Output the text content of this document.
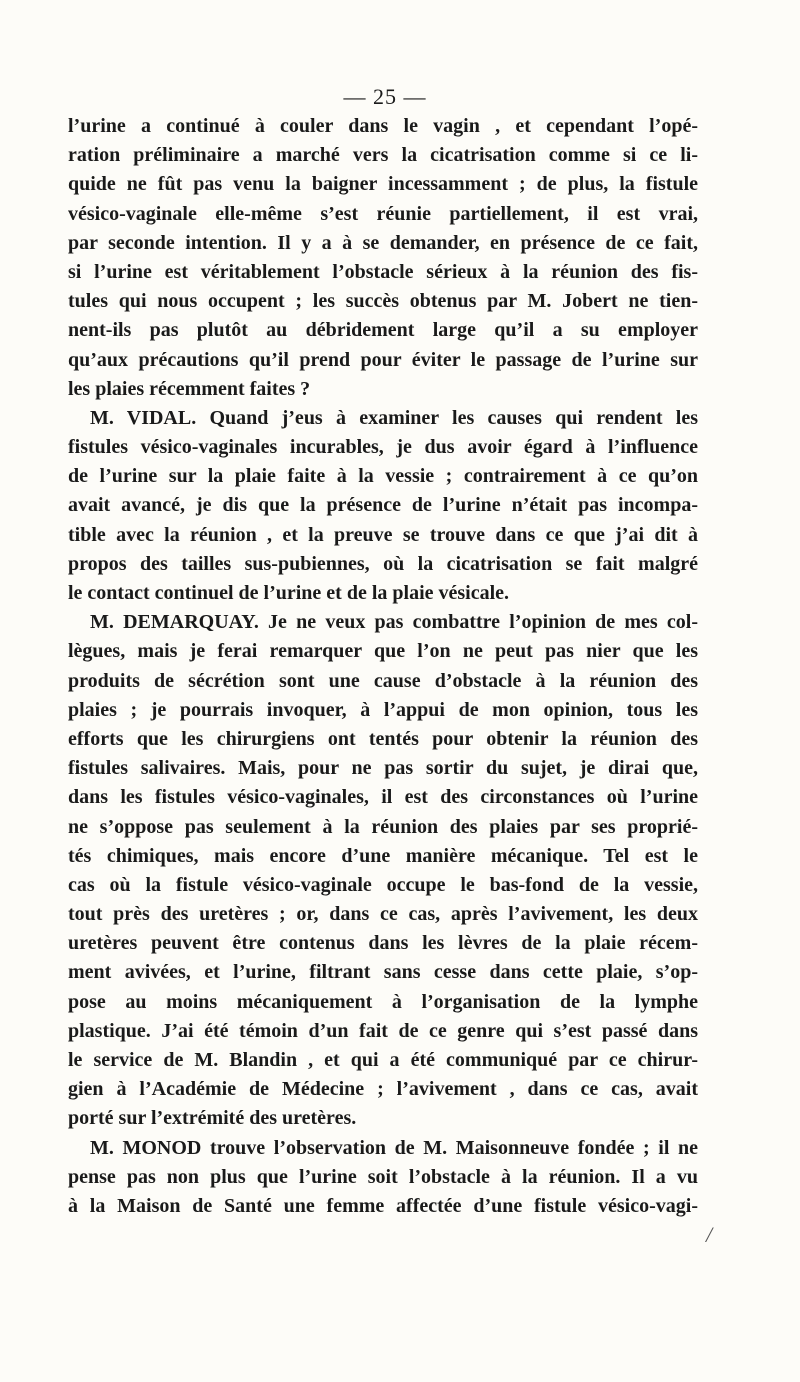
— 25 —
l’urine a continué à couler dans le vagin , et cependant l’opé-
ration préliminaire a marché vers la cicatrisation comme si ce li-
quide ne fût pas venu la baigner incessamment ; de plus, la fistule
vésico-vaginale elle-même s’est réunie partiellement, il est vrai,
par seconde intention. Il y a à se demander, en présence de ce fait,
si l’urine est véritablement l’obstacle sérieux à la réunion des fis-
tules qui nous occupent ; les succès obtenus par M. Jobert ne tien-
nent-ils pas plutôt au débridement large qu’il a su employer
qu’aux précautions qu’il prend pour éviter le passage de l’urine sur
les plaies récemment faites ?
M. VIDAL. Quand j’eus à examiner les causes qui rendent les
fistules vésico-vaginales incurables, je dus avoir égard à l’influence
de l’urine sur la plaie faite à la vessie ; contrairement à ce qu’on
avait avancé, je dis que la présence de l’urine n’était pas incompa-
tible avec la réunion , et la preuve se trouve dans ce que j’ai dit à
propos des tailles sus-pubiennes, où la cicatrisation se fait malgré
le contact continuel de l’urine et de la plaie vésicale.
M. DEMARQUAY. Je ne veux pas combattre l’opinion de mes col-
lègues, mais je ferai remarquer que l’on ne peut pas nier que les
produits de sécrétion sont une cause d’obstacle à la réunion des
plaies ; je pourrais invoquer, à l’appui de mon opinion, tous les
efforts que les chirurgiens ont tentés pour obtenir la réunion des
fistules salivaires. Mais, pour ne pas sortir du sujet, je dirai que,
dans les fistules vésico-vaginales, il est des circonstances où l’urine
ne s’oppose pas seulement à la réunion des plaies par ses proprié-
tés chimiques, mais encore d’une manière mécanique. Tel est le
cas où la fistule vésico-vaginale occupe le bas-fond de la vessie,
tout près des uretères ; or, dans ce cas, après l’avivement, les deux
uretères peuvent être contenus dans les lèvres de la plaie récem-
ment avivées, et l’urine, filtrant sans cesse dans cette plaie, s’op-
pose au moins mécaniquement à l’organisation de la lymphe
plastique. J’ai été témoin d’un fait de ce genre qui s’est passé dans
le service de M. Blandin , et qui a été communiqué par ce chirur-
gien à l’Académie de Médecine ; l’avivement , dans ce cas, avait
porté sur l’extrémité des uretères.
M. MONOD trouve l’observation de M. Maisonneuve fondée ; il ne
pense pas non plus que l’urine soit l’obstacle à la réunion. Il a vu
à la Maison de Santé une femme affectée d’une fistule vésico-vagi-
/
